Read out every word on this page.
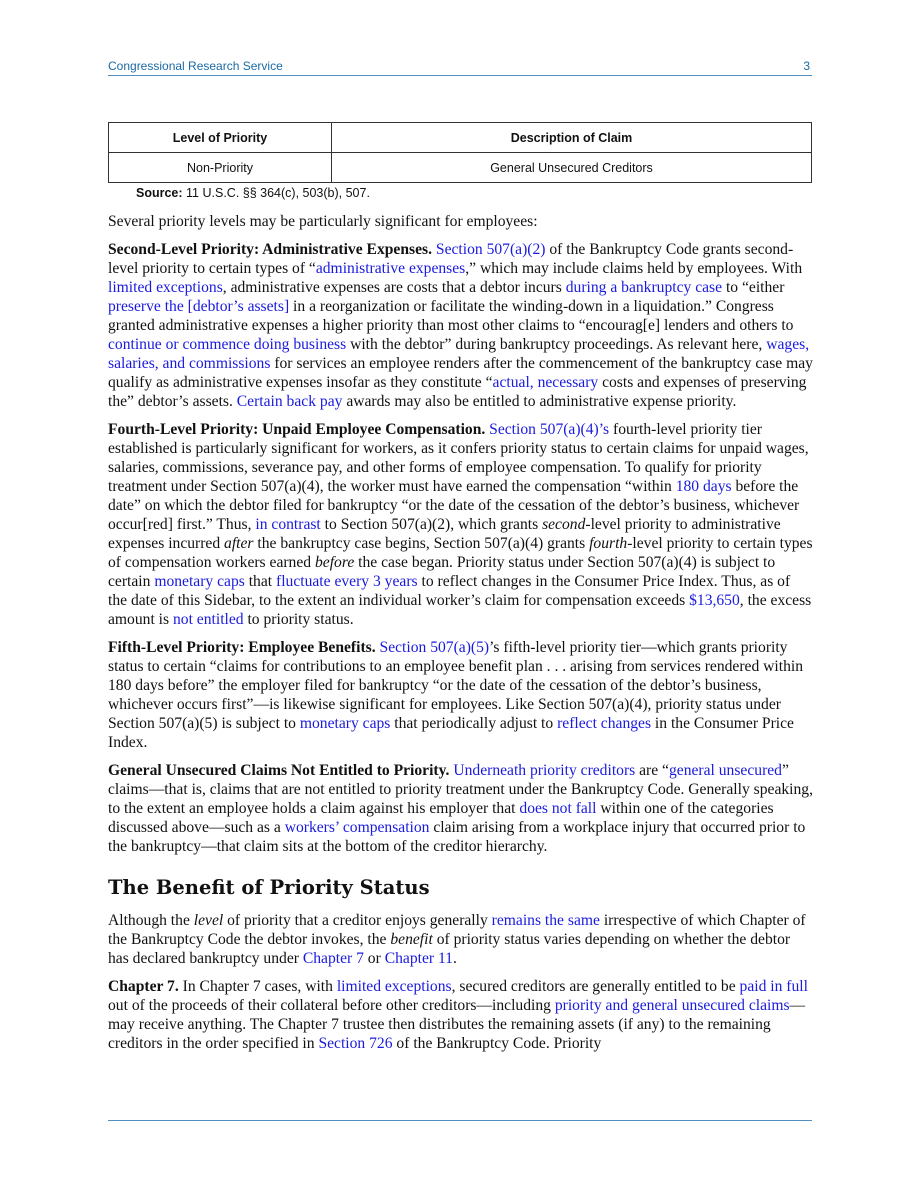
Congressional Research Service	3
Level of Priority	Description of Claim
Non-Priority	General Unsecured Creditors
Source: 11 U.S.C. §§ 364(c), 503(b), 507.

Several priority levels may be particularly significant for employees:

Second-Level Priority: Administrative Expenses. Section 507(a)(2) of the Bankruptcy Code grants second-level priority to certain types of “administrative expenses,” which may include claims held by employees. With limited exceptions, administrative expenses are costs that a debtor incurs during a bankruptcy case to “either preserve the [debtor’s assets] in a reorganization or facilitate the winding-down in a liquidation.” Congress granted administrative expenses a higher priority than most other claims to “encourag[e] lenders and others to continue or commence doing business with the debtor” during bankruptcy proceedings. As relevant here, wages, salaries, and commissions for services an employee renders after the commencement of the bankruptcy case may qualify as administrative expenses insofar as they constitute “actual, necessary costs and expenses of preserving the” debtor’s assets. Certain back pay awards may also be entitled to administrative expense priority.

Fourth-Level Priority: Unpaid Employee Compensation. Section 507(a)(4)’s fourth-level priority tier established is particularly significant for workers, as it confers priority status to certain claims for unpaid wages, salaries, commissions, severance pay, and other forms of employee compensation. To qualify for priority treatment under Section 507(a)(4), the worker must have earned the compensation “within 180 days before the date” on which the debtor filed for bankruptcy “or the date of the cessation of the debtor’s business, whichever occur[red] first.” Thus, in contrast to Section 507(a)(2), which grants second-level priority to administrative expenses incurred after the bankruptcy case begins, Section 507(a)(4) grants fourth-level priority to certain types of compensation workers earned before the case began. Priority status under Section 507(a)(4) is subject to certain monetary caps that fluctuate every 3 years to reflect changes in the Consumer Price Index. Thus, as of the date of this Sidebar, to the extent an individual worker’s claim for compensation exceeds $13,650, the excess amount is not entitled to priority status.

Fifth-Level Priority: Employee Benefits. Section 507(a)(5)’s fifth-level priority tier—which grants priority status to certain “claims for contributions to an employee benefit plan . . . arising from services rendered within 180 days before” the employer filed for bankruptcy “or the date of the cessation of the debtor’s business, whichever occurs first”—is likewise significant for employees. Like Section 507(a)(4), priority status under Section 507(a)(5) is subject to monetary caps that periodically adjust to reflect changes in the Consumer Price Index.

General Unsecured Claims Not Entitled to Priority. Underneath priority creditors are “general unsecured” claims—that is, claims that are not entitled to priority treatment under the Bankruptcy Code. Generally speaking, to the extent an employee holds a claim against his employer that does not fall within one of the categories discussed above—such as a workers’ compensation claim arising from a workplace injury that occurred prior to the bankruptcy—that claim sits at the bottom of the creditor hierarchy.

The Benefit of Priority Status

Although the level of priority that a creditor enjoys generally remains the same irrespective of which Chapter of the Bankruptcy Code the debtor invokes, the benefit of priority status varies depending on whether the debtor has declared bankruptcy under Chapter 7 or Chapter 11.

Chapter 7. In Chapter 7 cases, with limited exceptions, secured creditors are generally entitled to be paid in full out of the proceeds of their collateral before other creditors—including priority and general unsecured claims—may receive anything. The Chapter 7 trustee then distributes the remaining assets (if any) to the remaining creditors in the order specified in Section 726 of the Bankruptcy Code. Priority
